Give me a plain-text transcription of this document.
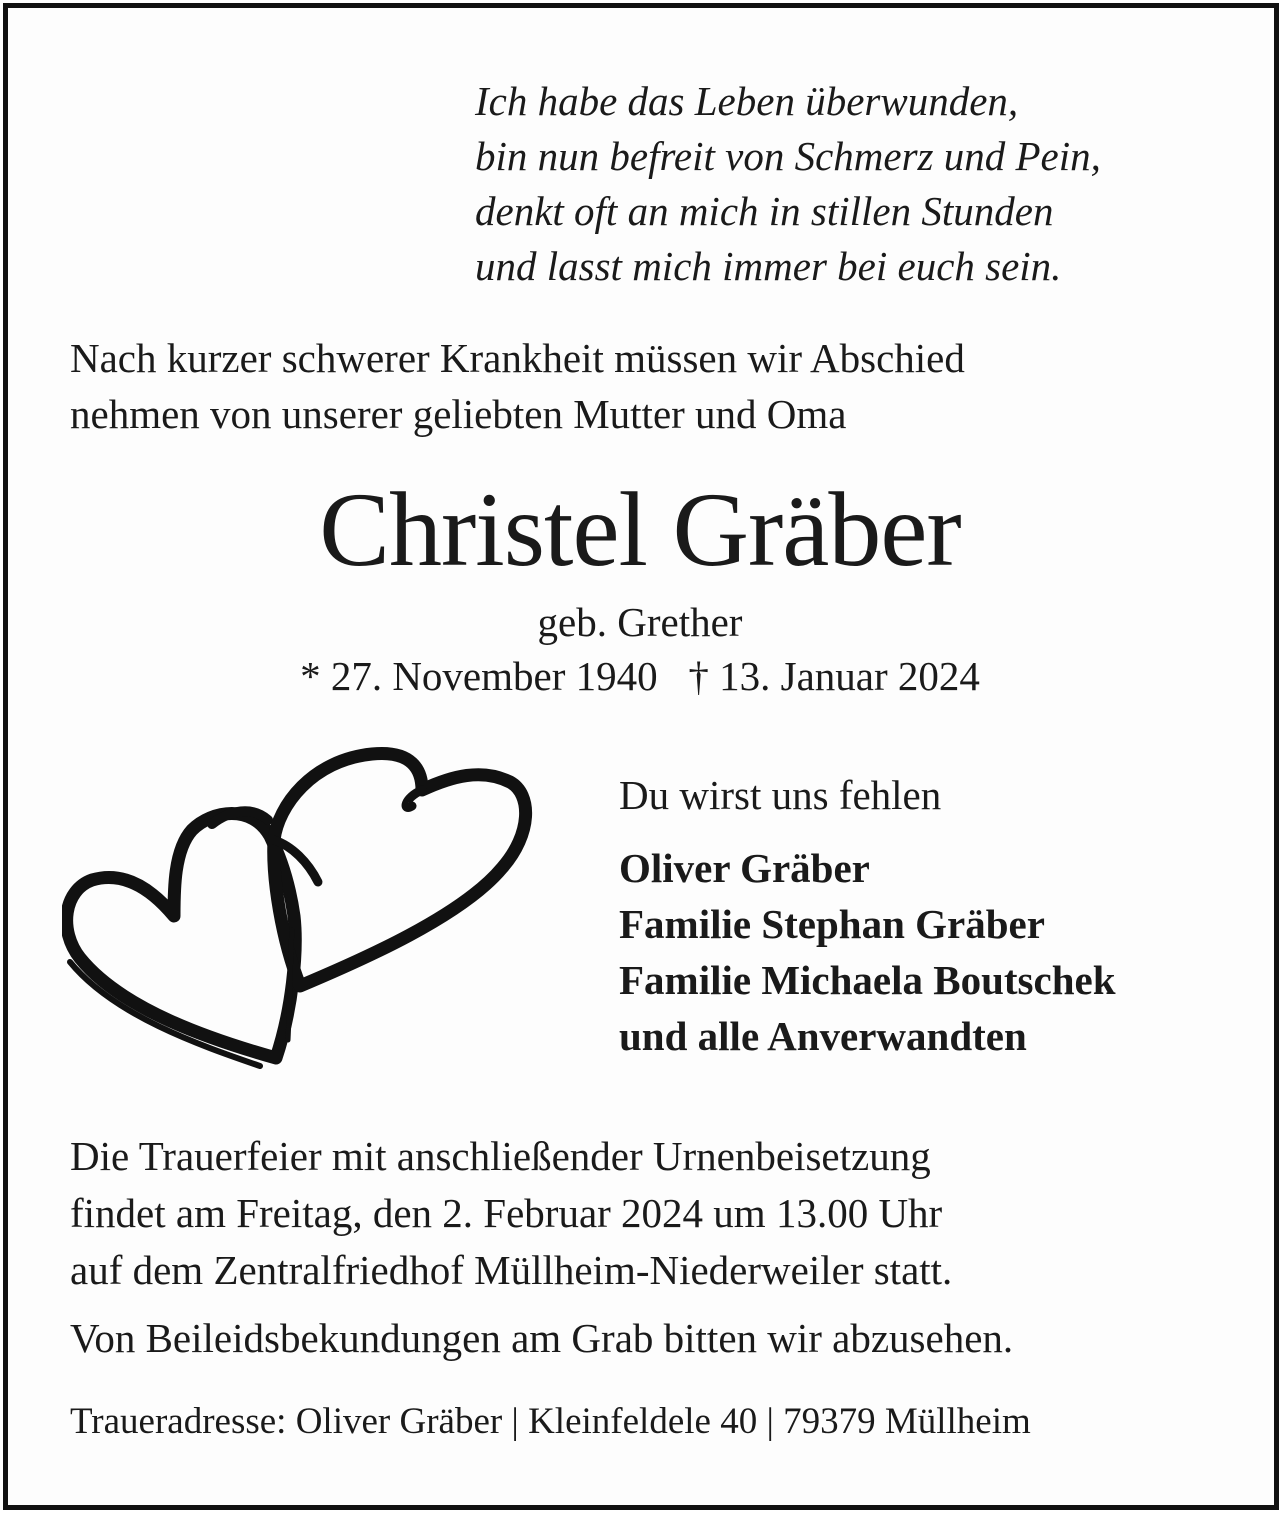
Ich habe das Leben überwunden,
bin nun befreit von Schmerz und Pein,
denkt oft an mich in stillen Stunden
und lasst mich immer bei euch sein.
Nach kurzer schwerer Krankheit müssen wir Abschied
nehmen von unserer geliebten Mutter und Oma
Christel Gräber
geb. Grether
* 27. November 1940 † 13. Januar 2024
Du wirst uns fehlen
Oliver Gräber
Familie Stephan Gräber
Familie Michaela Boutschek
und alle Anverwandten
Die Trauerfeier mit anschließender Urnenbeisetzung
findet am Freitag, den 2. Februar 2024 um 13.00 Uhr
auf dem Zentralfriedhof Müllheim-Niederweiler statt.
Von Beileidsbekundungen am Grab bitten wir abzusehen.
Traueradresse: Oliver Gräber | Kleinfeldele 40 | 79379 Müllheim
